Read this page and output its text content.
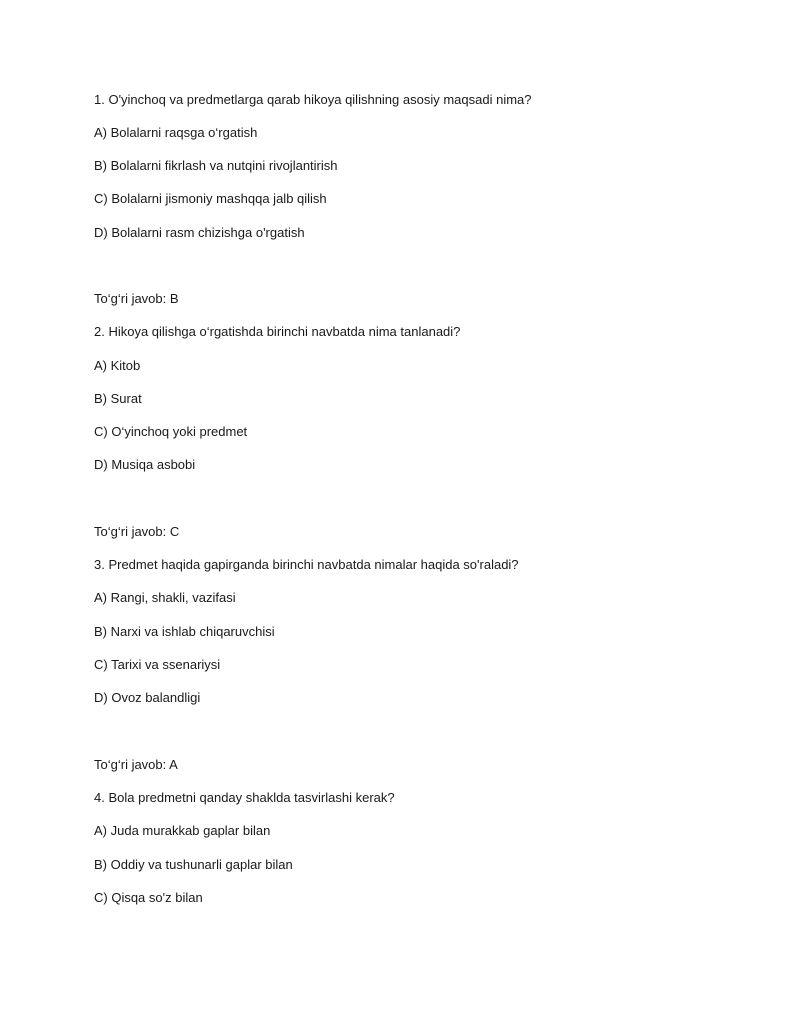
1. O'yinchoq va predmetlarga qarab hikoya qilishning asosiy maqsadi nima?
A) Bolalarni raqsga o‘rgatish
B) Bolalarni fikrlash va nutqini rivojlantirish
C) Bolalarni jismoniy mashqqa jalb qilish
D) Bolalarni rasm chizishga o'rgatish
To‘g‘ri javob: B
2. Hikoya qilishga o‘rgatishda birinchi navbatda nima tanlanadi?
A) Kitob
B) Surat
C) O‘yinchoq yoki predmet
D) Musiqa asbobi
To‘g‘ri javob: C
3. Predmet haqida gapirganda birinchi navbatda nimalar haqida so'raladi?
A) Rangi, shakli, vazifasi
B) Narxi va ishlab chiqaruvchisi
C) Tarixi va ssenariysi
D) Ovoz balandligi
To‘g‘ri javob: A
4. Bola predmetni qanday shaklda tasvirlashi kerak?
A) Juda murakkab gaplar bilan
B) Oddiy va tushunarli gaplar bilan
C) Qisqa so'z bilan
